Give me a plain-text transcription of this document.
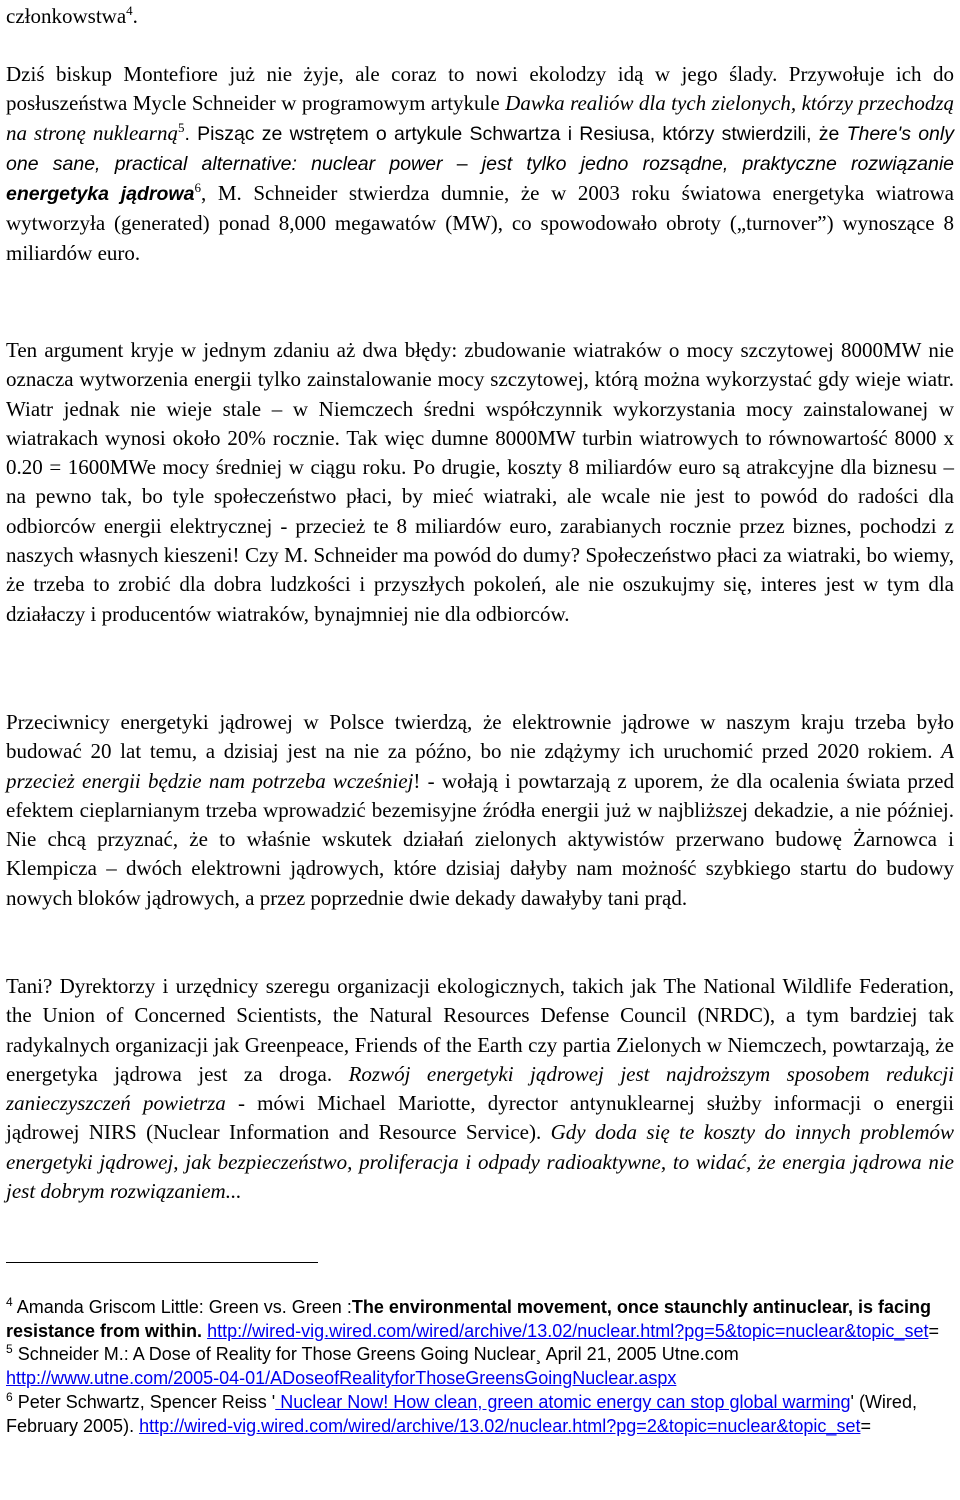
członkowstwa$^4$.

Dziś biskup Montefiore już nie żyje, ale coraz to nowi ekolodzy idą w jego ślady. Przywołuje ich do posłuszeństwa Mycle Schneider w programowym artykule Dawka realiów dla tych zielonych, którzy przechodzą na stronę nuklearną$^5$. Pisząc ze wstrętem o artykule Schwartza i Resiusa, którzy stwierdzili, że There's only one sane, practical alternative: nuclear power – jest tylko jedno rozsądne, praktyczne rozwiązanie energetyka jądrowa$^6$, M. Schneider stwierdza dumnie, że w 2003 roku światowa energetyka wiatrowa wytworzyła (generated) ponad 8,000 megawatów (MW), co spowodowało obroty („turnover”) wynoszące 8 miliardów euro.

Ten argument kryje w jednym zdaniu aż dwa błędy: zbudowanie wiatraków o mocy szczytowej 8000MW nie oznacza wytworzenia energii tylko zainstalowanie mocy szczytowej, którą można wykorzystać gdy wieje wiatr. Wiatr jednak nie wieje stale – w Niemczech średni współczynnik wykorzystania mocy zainstalowanej w wiatrakach wynosi około 20% rocznie. Tak więc dumne 8000MW turbin wiatrowych to równowartość 8000 x 0.20 = 1600MWe mocy średniej w ciągu roku. Po drugie, koszty 8 miliardów euro są atrakcyjne dla biznesu – na pewno tak, bo tyle społeczeństwo płaci, by mieć wiatraki, ale wcale nie jest to powód do radości dla odbiorców energii elektrycznej - przecież te 8 miliardów euro, zarabianych rocznie przez biznes, pochodzi z naszych własnych kieszeni! Czy M. Schneider ma powód do dumy? Społeczeństwo płaci za wiatraki, bo wiemy, że trzeba to zrobić dla dobra ludzkości i przyszłych pokoleń, ale nie oszukujmy się, interes jest w tym dla działaczy i producentów wiatraków, bynajmniej nie dla odbiorców.

Przeciwnicy energetyki jądrowej w Polsce twierdzą, że elektrownie jądrowe w naszym kraju trzeba było budować 20 lat temu, a dzisiaj jest na nie za późno, bo nie zdążymy ich uruchomić przed 2020 rokiem. A przecież energii będzie nam potrzeba wcześniej! - wołają i powtarzają z uporem, że dla ocalenia świata przed efektem cieplarnianym trzeba wprowadzić bezemisyjne źródła energii już w najbliższej dekadzie, a nie później. Nie chcą przyznać, że to właśnie wskutek działań zielonych aktywistów przerwano budowę Żarnowca i Klempicza – dwóch elektrowni jądrowych, które dzisiaj dałyby nam możność szybkiego startu do budowy nowych bloków jądrowych, a przez poprzednie dwie dekady dawałyby tani prąd.

Tani? Dyrektorzy i urzędnicy szeregu organizacji ekologicznych, takich jak The National Wildlife Federation, the Union of Concerned Scientists, the Natural Resources Defense Council (NRDC), a tym bardziej tak radykalnych organizacji jak Greenpeace, Friends of the Earth czy partia Zielonych w Niemczech, powtarzają, że energetyka jądrowa jest za droga. Rozwój energetyki jądrowej jest najdroższym sposobem redukcji zanieczyszczeń powietrza - mówi Michael Mariotte, dyrector antynuklearnej służby informacji o energii jądrowej NIRS (Nuclear Information and Resource Service). Gdy doda się te koszty do innych problemów energetyki jądrowej, jak bezpieczeństwo, proliferacja i odpady radioaktywne, to widać, że energia jądrowa nie jest dobrym rozwiązaniem...

$^4$ Amanda Griscom Little: Green vs. Green :The environmental movement, once staunchly antinuclear, is facing resistance from within. http://wired-vig.wired.com/wired/archive/13.02/nuclear.html?pg=5&topic=nuclear&topic_set=

$^5$ Schneider M.: A Dose of Reality for Those Greens Going Nuclear¸ April 21, 2005 Utne.com
http://www.utne.com/2005-04-01/ADoseofRealityforThoseGreensGoingNuclear.aspx

$^6$ Peter Schwartz, Spencer Reiss ' Nuclear Now! How clean, green atomic energy can stop global warming' (Wired, February 2005). http://wired-vig.wired.com/wired/archive/13.02/nuclear.html?pg=2&topic=nuclear&topic_set=
